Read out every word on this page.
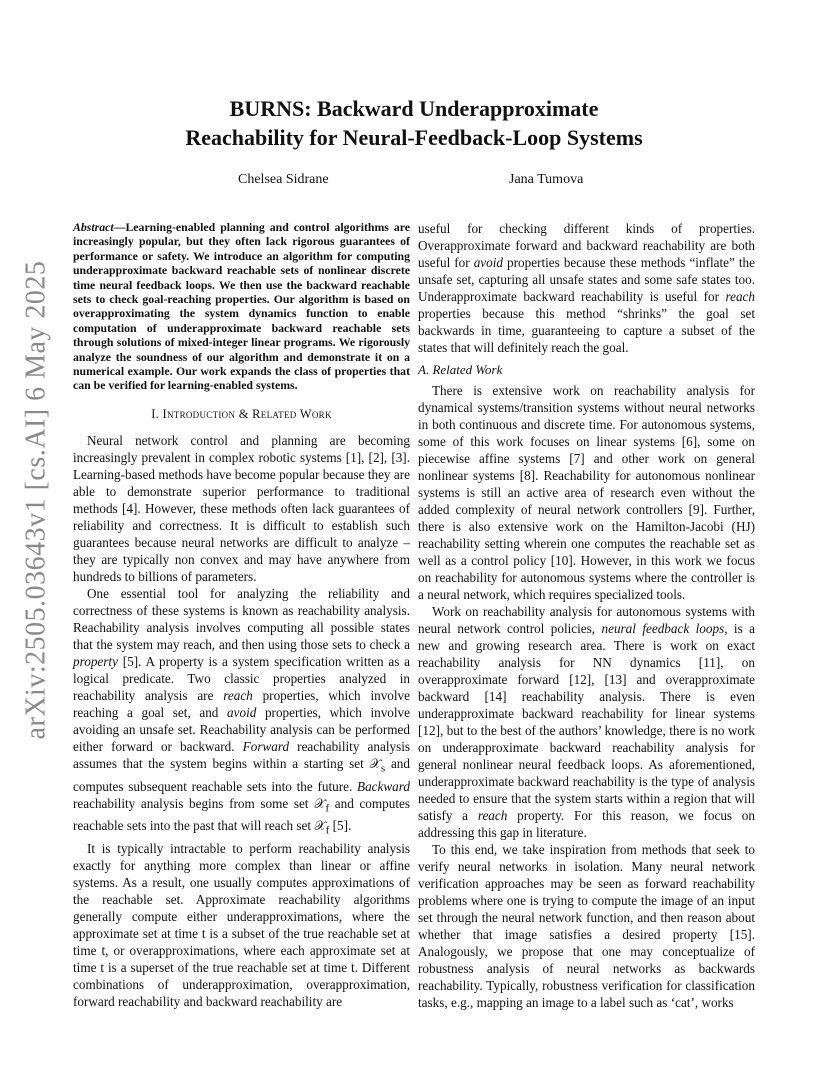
arXiv:2505.03643v1 [cs.AI] 6 May 2025
BURNS: Backward Underapproximate
Reachability for Neural-Feedback-Loop Systems
Chelsea Sidrane	Jana Tumova

Abstract—Learning-enabled planning and control algorithms are increasingly popular, but they often lack rigorous guarantees of performance or safety. We introduce an algorithm for computing underapproximate backward reachable sets of nonlinear discrete time neural feedback loops. We then use the backward reachable sets to check goal-reaching properties. Our algorithm is based on overapproximating the system dynamics function to enable computation of underapproximate backward reachable sets through solutions of mixed-integer linear programs. We rigorously analyze the soundness of our algorithm and demonstrate it on a numerical example. Our work expands the class of properties that can be verified for learning-enabled systems.

I. Introduction & Related Work

Neural network control and planning are becoming increasingly prevalent in complex robotic systems [1], [2], [3]. Learning-based methods have become popular because they are able to demonstrate superior performance to traditional methods [4]. However, these methods often lack guarantees of reliability and correctness. It is difficult to establish such guarantees because neural networks are difficult to analyze – they are typically non convex and may have anywhere from hundreds to billions of parameters.

One essential tool for analyzing the reliability and correctness of these systems is known as reachability analysis. Reachability analysis involves computing all possible states that the system may reach, and then using those sets to check a property [5]. A property is a system specification written as a logical predicate. Two classic properties analyzed in reachability analysis are reach properties, which involve reaching a goal set, and avoid properties, which involve avoiding an unsafe set. Reachability analysis can be performed either forward or backward. Forward reachability analysis assumes that the system begins within a starting set 𝒳$_s$ and computes subsequent reachable sets into the future. Backward reachability analysis begins from some set 𝒳$_f$ and computes reachable sets into the past that will reach set 𝒳$_f$ [5].

It is typically intractable to perform reachability analysis exactly for anything more complex than linear or affine systems. As a result, one usually computes approximations of the reachable set. Approximate reachability algorithms generally compute either underapproximations, where the approximate set at time t is a subset of the true reachable set at time t, or overapproximations, where each approximate set at time t is a superset of the true reachable set at time t. Different combinations of underapproximation, overapproximation, forward reachability and backward reachability are

useful for checking different kinds of properties. Overapproximate forward and backward reachability are both useful for avoid properties because these methods “inflate” the unsafe set, capturing all unsafe states and some safe states too. Underapproximate backward reachability is useful for reach properties because this method “shrinks” the goal set backwards in time, guaranteeing to capture a subset of the states that will definitely reach the goal.

A. Related Work

There is extensive work on reachability analysis for dynamical systems/transition systems without neural networks in both continuous and discrete time. For autonomous systems, some of this work focuses on linear systems [6], some on piecewise affine systems [7] and other work on general nonlinear systems [8]. Reachability for autonomous nonlinear systems is still an active area of research even without the added complexity of neural network controllers [9]. Further, there is also extensive work on the Hamilton-Jacobi (HJ) reachability setting wherein one computes the reachable set as well as a control policy [10]. However, in this work we focus on reachability for autonomous systems where the controller is a neural network, which requires specialized tools.

Work on reachability analysis for autonomous systems with neural network control policies, neural feedback loops, is a new and growing research area. There is work on exact reachability analysis for NN dynamics [11], on overapproximate forward [12], [13] and overapproximate backward [14] reachability analysis. There is even underapproximate backward reachability for linear systems [12], but to the best of the authors’ knowledge, there is no work on underapproximate backward reachability analysis for general nonlinear neural feedback loops. As aforementioned, underapproximate backward reachability is the type of analysis needed to ensure that the system starts within a region that will satisfy a reach property. For this reason, we focus on addressing this gap in literature.

To this end, we take inspiration from methods that seek to verify neural networks in isolation. Many neural network verification approaches may be seen as forward reachability problems where one is trying to compute the image of an input set through the neural network function, and then reason about whether that image satisfies a desired property [15]. Analogously, we propose that one may conceptualize of robustness analysis of neural networks as backwards reachability. Typically, robustness verification for classification tasks, e.g., mapping an image to a label such as ‘cat’, works
